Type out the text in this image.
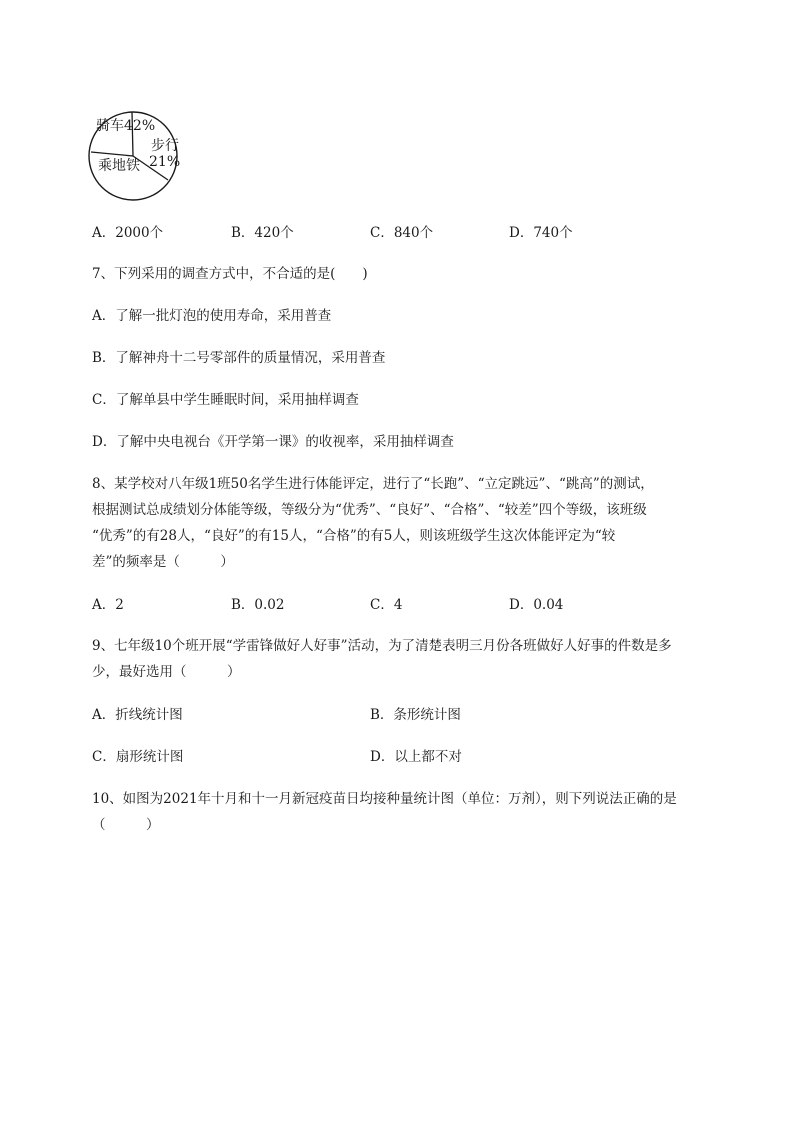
骑车42%
步行
21%
乘地铁
A．2000个	B．420个	C．840个	D．740个
7、下列采用的调查方式中，不合适的是(　　)
A．了解一批灯泡的使用寿命，采用普查
B．了解神舟十二号零部件的质量情况，采用普查
C．了解单县中学生睡眠时间，采用抽样调查
D．了解中央电视台《开学第一课》的收视率，采用抽样调查
8、某学校对八年级1班50名学生进行体能评定，进行了“长跑”、“立定跳远”、“跳高”的测试，
根据测试总成绩划分体能等级，等级分为“优秀”、“良好”、“合格”、“较差”四个等级，该班级
“优秀”的有28人，“良好”的有15人，“合格”的有5人，则该班级学生这次体能评定为“较
差”的频率是（　　　）
A．2	B．0.02	C．4	D．0.04
9、七年级10个班开展“学雷锋做好人好事”活动，为了清楚表明三月份各班做好人好事的件数是多
少，最好选用（　　　）
A．折线统计图	B．条形统计图
C．扇形统计图	D．以上都不对
10、如图为2021年十月和十一月新冠疫苗日均接种量统计图（单位：万剂），则下列说法正确的是
（　　　）
